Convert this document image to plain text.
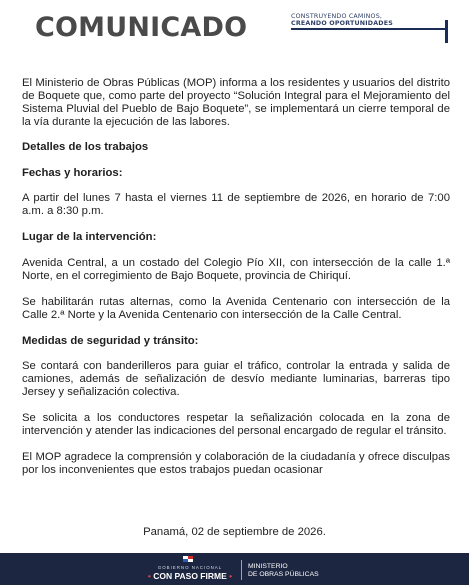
COMUNICADO	CONSTRUYENDO CAMINOS,
CREANDO OPORTUNIDADES

El Ministerio de Obras Públicas (MOP) informa a los residentes y usuarios del distrito de Boquete que, como parte del proyecto “Solución Integral para el Mejoramiento del Sistema Pluvial del Pueblo de Bajo Boquete”, se implementará un cierre temporal de la vía durante la ejecución de las labores.

Detalles de los trabajos
Fechas y horarios:

A partir del lunes 7 hasta el viernes 11 de septiembre de 2026, en horario de 7:00 a.m. a 8:30 p.m.

Lugar de la intervención:

Avenida Central, a un costado del Colegio Pío XII, con intersección de la calle 1.ª Norte, en el corregimiento de Bajo Boquete, provincia de Chiriquí.

Se habilitarán rutas alternas, como la Avenida Centenario con intersección de la Calle 2.ª Norte y la Avenida Centenario con intersección de la Calle Central.

Medidas de seguridad y tránsito:

Se contará con banderilleros para guiar el tráfico, controlar la entrada y salida de camiones, además de señalización de desvío mediante luminarias, barreras tipo Jersey y señalización colectiva.

Se solicita a los conductores respetar la señalización colocada en la zona de intervención y atender las indicaciones del personal encargado de regular el tránsito.

El MOP agradece la comprensión y colaboración de la ciudadanía y ofrece disculpas por los inconvenientes que estos trabajos puedan ocasionar

Panamá, 02 de septiembre de 2026.
GOBIERNO NACIONAL
• CON PASO FIRME •
MINISTERIO
DE OBRAS PÚBLICAS
